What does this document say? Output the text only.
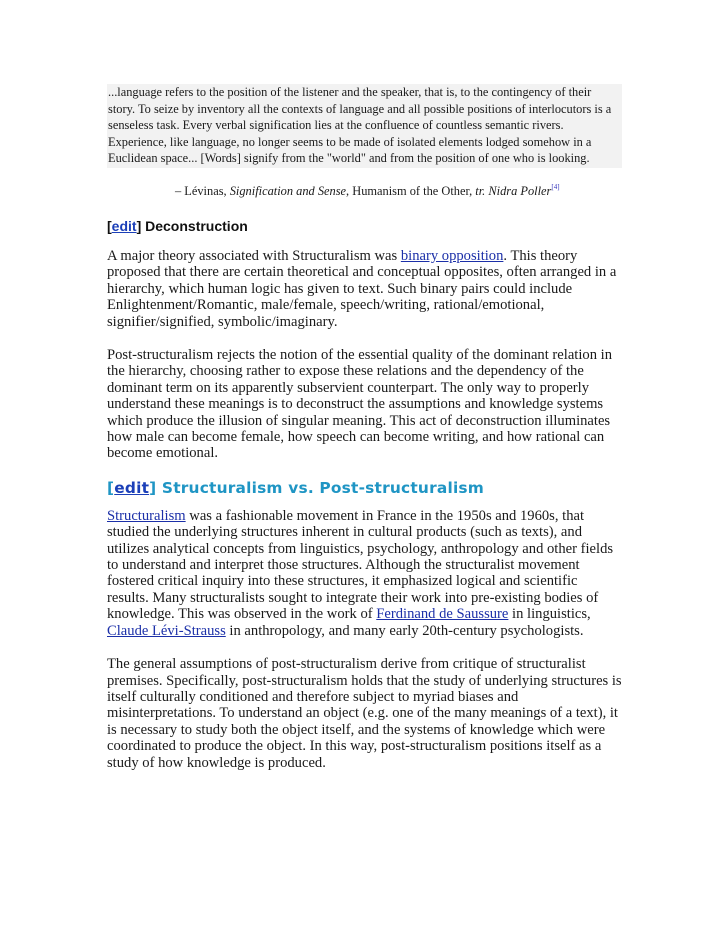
...language refers to the position of the listener and the speaker, that is, to the contingency of their story. To seize by inventory all the contexts of language and all possible positions of interlocutors is a senseless task. Every verbal signification lies at the confluence of countless semantic rivers. Experience, like language, no longer seems to be made of isolated elements lodged somehow in a Euclidean space... [Words] signify from the "world" and from the position of one who is looking.

– Lévinas, Signification and Sense, Humanism of the Other, tr. Nidra Poller[4]
[edit] Deconstruction

A major theory associated with Structuralism was binary opposition. This theory proposed that there are certain theoretical and conceptual opposites, often arranged in a hierarchy, which human logic has given to text. Such binary pairs could include Enlightenment/Romantic, male/female, speech/writing, rational/emotional, signifier/signified, symbolic/imaginary.

Post-structuralism rejects the notion of the essential quality of the dominant relation in the hierarchy, choosing rather to expose these relations and the dependency of the dominant term on its apparently subservient counterpart. The only way to properly understand these meanings is to deconstruct the assumptions and knowledge systems which produce the illusion of singular meaning. This act of deconstruction illuminates how male can become female, how speech can become writing, and how rational can become emotional.

[edit] Structuralism vs. Post-structuralism

Structuralism was a fashionable movement in France in the 1950s and 1960s, that studied the underlying structures inherent in cultural products (such as texts), and utilizes analytical concepts from linguistics, psychology, anthropology and other fields to understand and interpret those structures. Although the structuralist movement fostered critical inquiry into these structures, it emphasized logical and scientific results. Many structuralists sought to integrate their work into pre-existing bodies of knowledge. This was observed in the work of Ferdinand de Saussure in linguistics, Claude Lévi-Strauss in anthropology, and many early 20th-century psychologists.

The general assumptions of post-structuralism derive from critique of structuralist premises. Specifically, post-structuralism holds that the study of underlying structures is itself culturally conditioned and therefore subject to myriad biases and misinterpretations. To understand an object (e.g. one of the many meanings of a text), it is necessary to study both the object itself, and the systems of knowledge which were coordinated to produce the object. In this way, post-structuralism positions itself as a study of how knowledge is produced.
